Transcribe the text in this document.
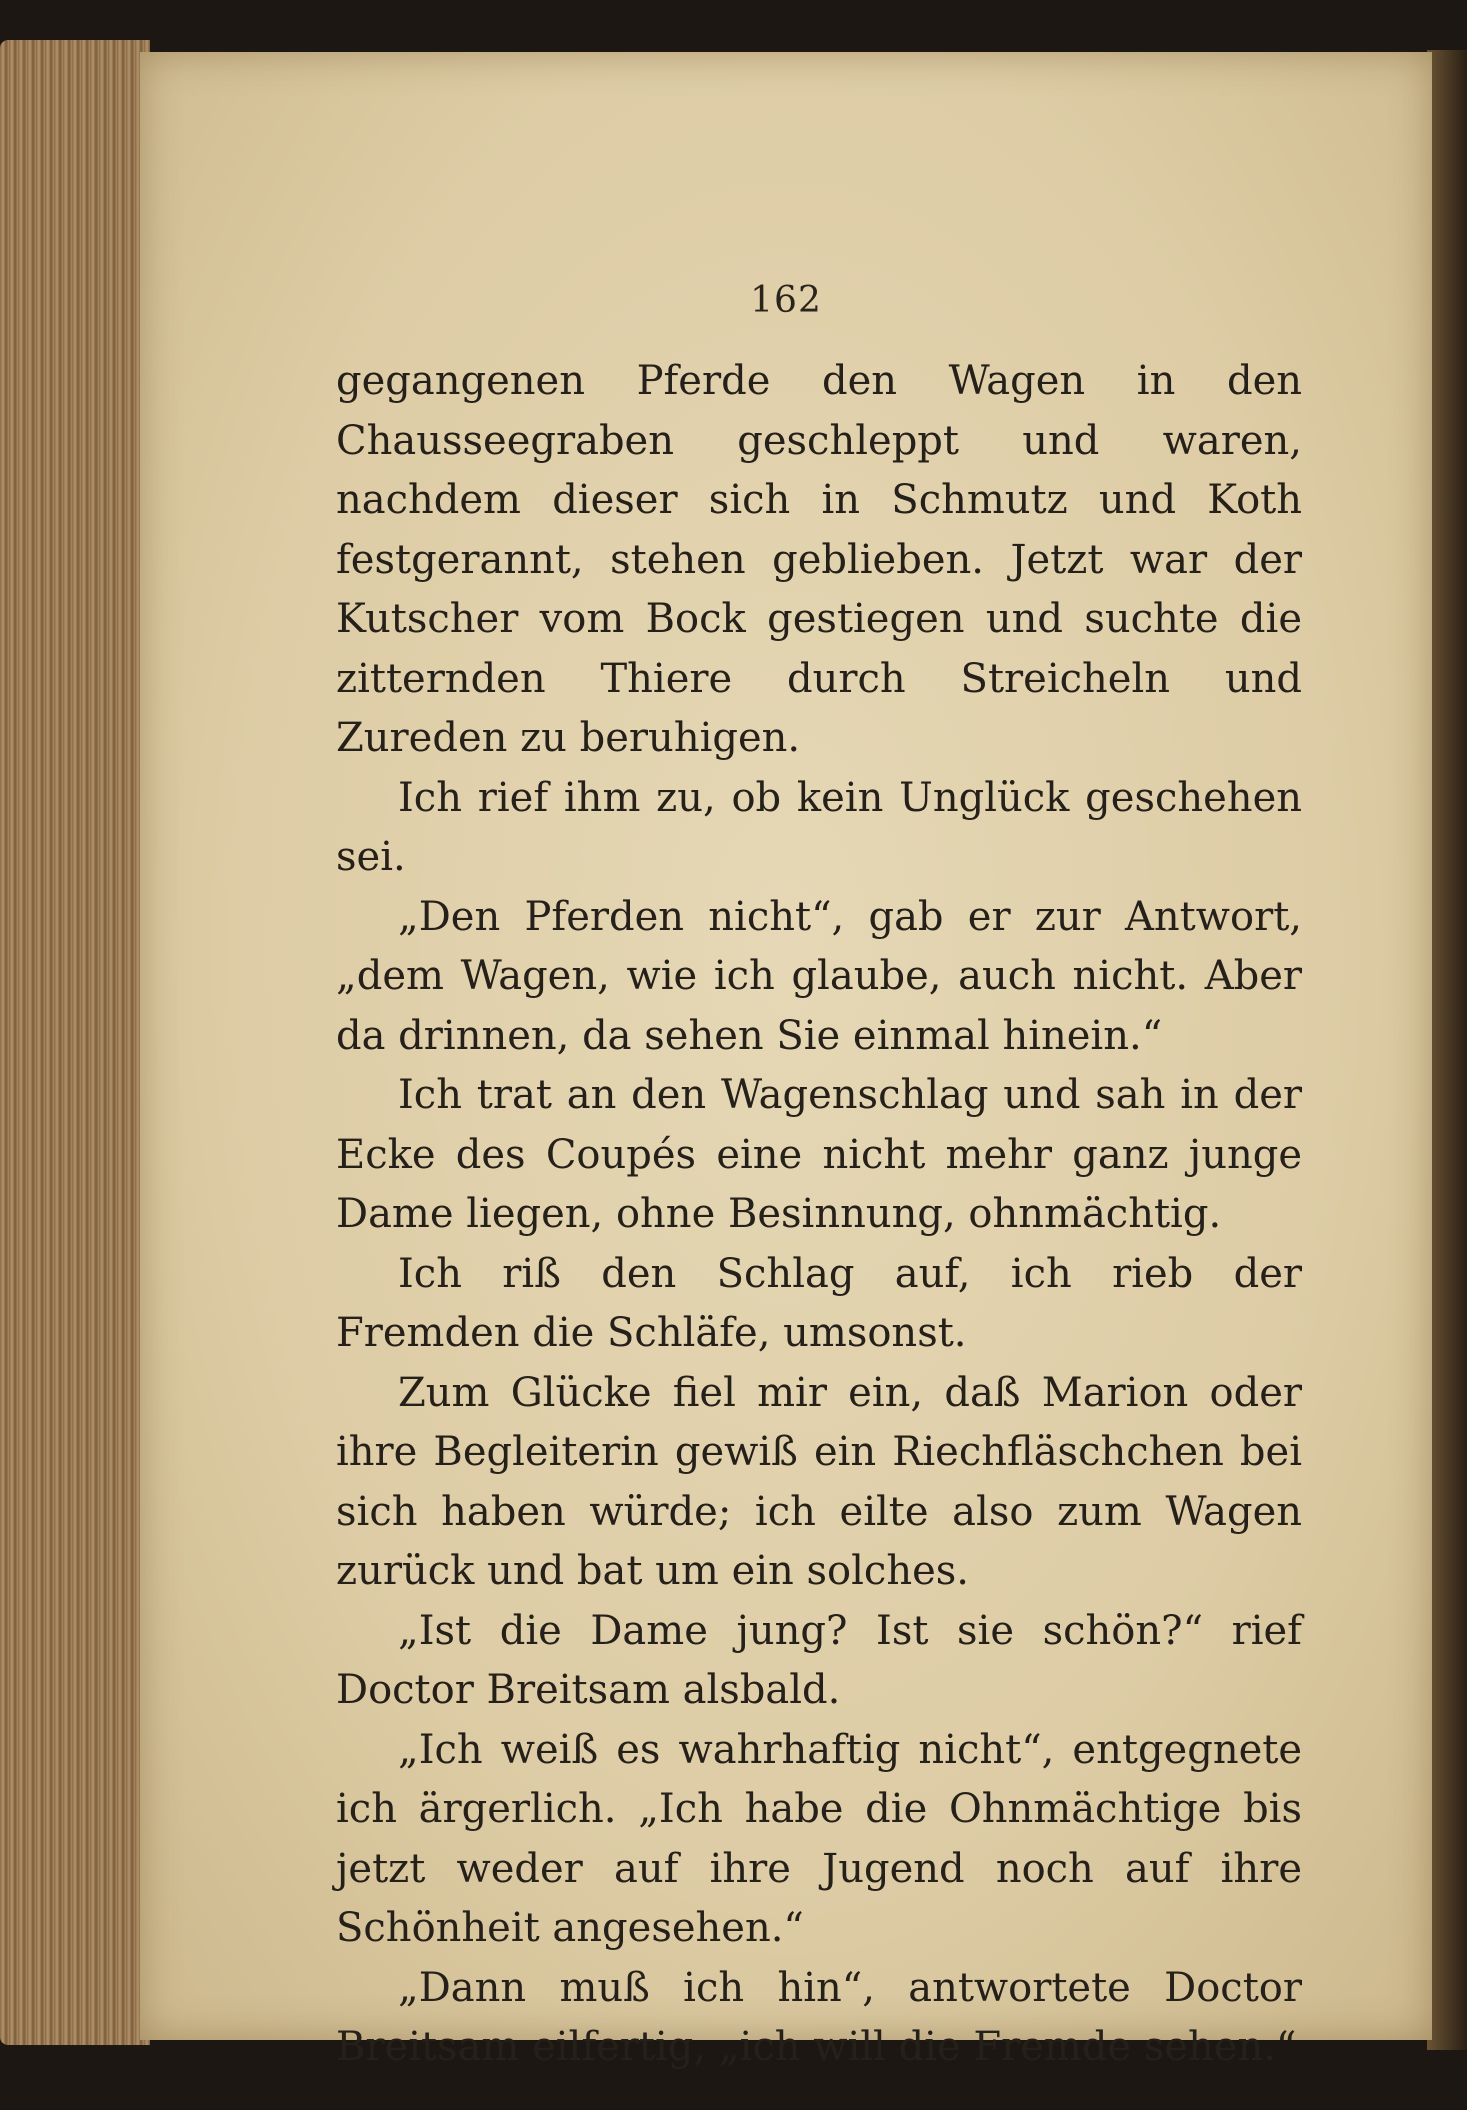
162

gegangenen Pferde den Wagen in den Chausseegraben geschleppt und waren, nachdem dieser sich in Schmutz und Koth festgerannt, stehen geblieben. Jetzt war der Kutscher vom Bock gestiegen und suchte die zitternden Thiere durch Streicheln und Zureden zu beruhigen.

Ich rief ihm zu, ob kein Unglück geschehen sei.

„Den Pferden nicht“, gab er zur Antwort, „dem Wagen, wie ich glaube, auch nicht. Aber da drinnen, da sehen Sie einmal hinein.“

Ich trat an den Wagenschlag und sah in der Ecke des Coupés eine nicht mehr ganz junge Dame liegen, ohne Besinnung, ohnmächtig.

Ich riß den Schlag auf, ich rieb der Fremden die Schläfe, umsonst.

Zum Glücke fiel mir ein, daß Marion oder ihre Begleiterin gewiß ein Riechfläschchen bei sich haben würde; ich eilte also zum Wagen zurück und bat um ein solches.

„Ist die Dame jung? Ist sie schön?“ rief Doctor Breitsam alsbald.

„Ich weiß es wahrhaftig nicht“, entgegnete ich ärgerlich. „Ich habe die Ohnmächtige bis jetzt weder auf ihre Jugend noch auf ihre Schönheit angesehen.“

„Dann muß ich hin“, antwortete Doctor Breitsam eilfertig, „ich will die Fremde sehen.“
